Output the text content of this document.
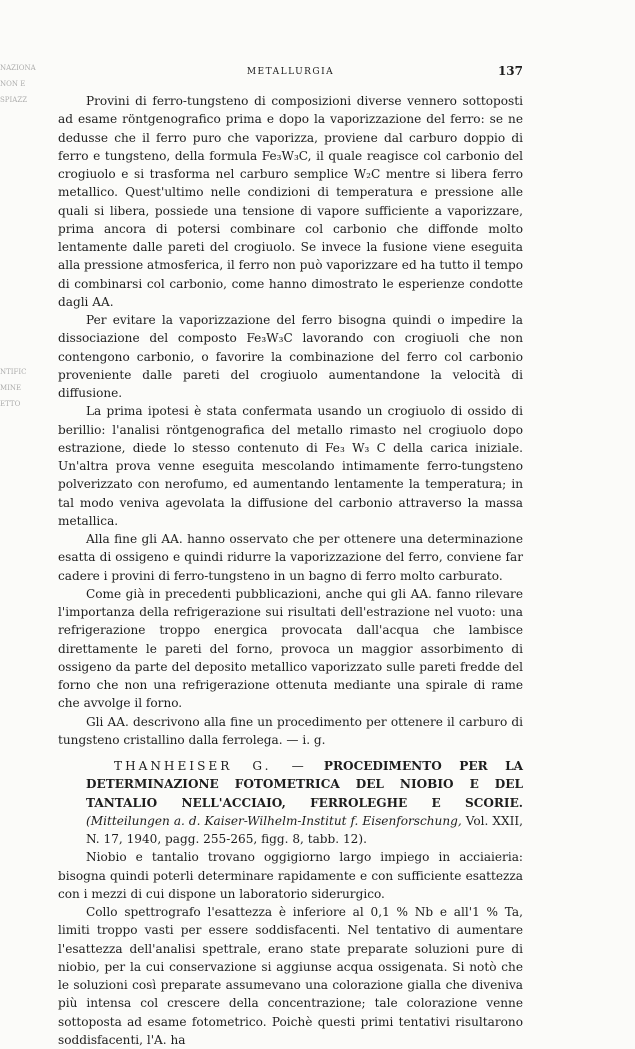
NAZIONA
NON E
SPIAZZ

NTIFIC
MINE
ETTO
METALLURGIA	137

Provini di ferro-tungsteno di composizioni diverse vennero sottoposti ad esame röntgenografico prima e dopo la vaporizzazione del ferro: se ne dedusse che il ferro puro che vaporizza, proviene dal carburo doppio di ferro e tungsteno, della formula Fe₃W₃C, il quale reagisce col carbonio del crogiuolo e si trasforma nel carburo semplice W₂C mentre si libera ferro metallico. Quest'ultimo nelle condizioni di temperatura e pressione alle quali si libera, possiede una tensione di vapore sufficiente a vaporizzare, prima ancora di potersi combinare col carbonio che diffonde molto lentamente dalle pareti del crogiuolo. Se invece la fusione viene eseguita alla pressione atmosferica, il ferro non può vaporizzare ed ha tutto il tempo di combinarsi col carbonio, come hanno dimostrato le esperienze condotte dagli AA.

Per evitare la vaporizzazione del ferro bisogna quindi o impedire la dissociazione del composto Fe₃W₃C lavorando con crogiuoli che non contengono carbonio, o favorire la combinazione del ferro col carbonio proveniente dalle pareti del crogiuolo aumentandone la velocità di diffusione.

La prima ipotesi è stata confermata usando un crogiuolo di ossido di berillio: l'analisi röntgenografica del metallo rimasto nel crogiuolo dopo estrazione, diede lo stesso contenuto di Fe₃ W₃ C della carica iniziale. Un'altra prova venne eseguita mescolando intimamente ferro-tungsteno polverizzato con nerofumo, ed aumentando lentamente la temperatura; in tal modo veniva agevolata la diffusione del carbonio attraverso la massa metallica.

Alla fine gli AA. hanno osservato che per ottenere una determinazione esatta di ossigeno e quindi ridurre la vaporizzazione del ferro, conviene far cadere i provini di ferro-tungsteno in un bagno di ferro molto carburato.

Come già in precedenti pubblicazioni, anche qui gli AA. fanno rilevare l'importanza della refrigerazione sui risultati dell'estrazione nel vuoto: una refrigerazione troppo energica provocata dall'acqua che lambisce direttamente le pareti del forno, provoca un maggior assorbimento di ossigeno da parte del deposito metallico vaporizzato sulle pareti fredde del forno che non una refrigerazione ottenuta mediante una spirale di rame che avvolge il forno.

Gli AA. descrivono alla fine un procedimento per ottenere il carburo di tungsteno cristallino dalla ferrolega. — i. g.

THANHEISER G. — PROCEDIMENTO PER LA DETERMINAZIONE FOTOMETRICA DEL NIOBIO E DEL TANTALIO NELL'ACCIAIO, FERROLEGHE E SCORIE. (Mitteilungen a. d. Kaiser-Wilhelm-Institut f. Eisenforschung, Vol. XXII, N. 17, 1940, pagg. 255-265, figg. 8, tabb. 12).

Niobio e tantalio trovano oggigiorno largo impiego in acciaieria: bisogna quindi poterli determinare rapidamente e con sufficiente esattezza con i mezzi di cui dispone un laboratorio siderurgico.

Collo spettrografo l'esattezza è inferiore al 0,1 % Nb e all'1 % Ta, limiti troppo vasti per essere soddisfacenti. Nel tentativo di aumentare l'esattezza dell'analisi spettrale, erano state preparate soluzioni pure di niobio, per la cui conservazione si aggiunse acqua ossigenata. Si notò che le soluzioni così preparate assumevano una colorazione gialla che diveniva più intensa col crescere della concentrazione; tale colorazione venne sottoposta ad esame fotometrico. Poichè questi primi tentativi risultarono soddisfacenti, l'A. ha
